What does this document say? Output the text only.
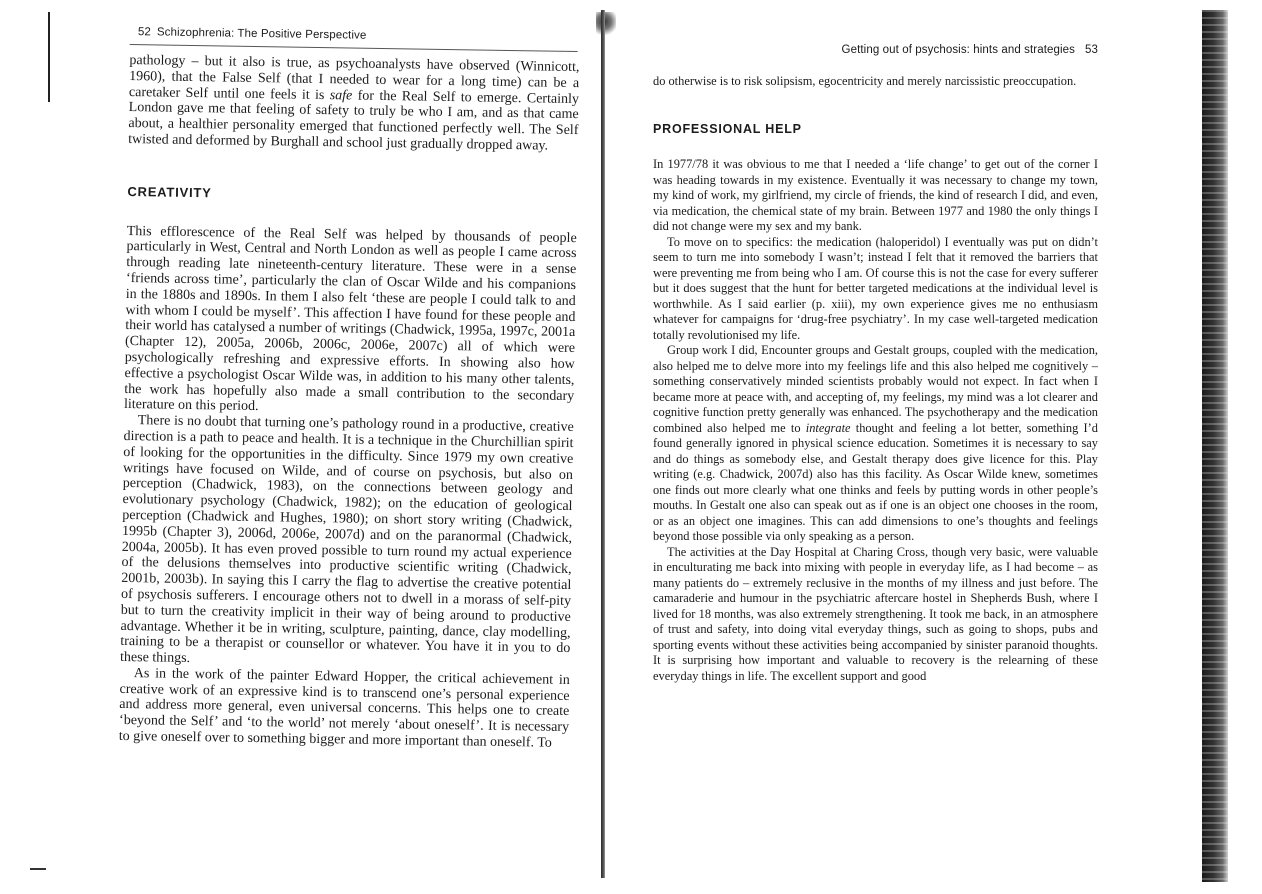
52 Schizophrenia: The Positive Perspective

pathology – but it also is true, as psychoanalysts have observed (Winnicott, 1960), that the False Self (that I needed to wear for a long time) can be a caretaker Self until one feels it is safe for the Real Self to emerge. Certainly London gave me that feeling of safety to truly be who I am, and as that came about, a healthier personality emerged that functioned perfectly well. The Self twisted and deformed by Burghall and school just gradually dropped away.

CREATIVITY

This efflorescence of the Real Self was helped by thousands of people particularly in West, Central and North London as well as people I came across through reading late nineteenth-century literature. These were in a sense ‘friends across time’, particularly the clan of Oscar Wilde and his companions in the 1880s and 1890s. In them I also felt ‘these are people I could talk to and with whom I could be myself’. This affection I have found for these people and their world has catalysed a number of writings (Chadwick, 1995a, 1997c, 2001a (Chapter 12), 2005a, 2006b, 2006c, 2006e, 2007c) all of which were psychologically refreshing and expressive efforts. In showing also how effective a psychologist Oscar Wilde was, in addition to his many other talents, the work has hopefully also made a small contribution to the secondary literature on this period.

There is no doubt that turning one’s pathology round in a productive, creative direction is a path to peace and health. It is a technique in the Churchillian spirit of looking for the opportunities in the difficulty. Since 1979 my own creative writings have focused on Wilde, and of course on psychosis, but also on perception (Chadwick, 1983), on the connections between geology and evolutionary psychology (Chadwick, 1982); on the education of geological perception (Chadwick and Hughes, 1980); on short story writing (Chadwick, 1995b (Chapter 3), 2006d, 2006e, 2007d) and on the paranormal (Chadwick, 2004a, 2005b). It has even proved possible to turn round my actual experience of the delusions themselves into productive scientific writing (Chadwick, 2001b, 2003b). In saying this I carry the flag to advertise the creative potential of psychosis sufferers. I encourage others not to dwell in a morass of self-pity but to turn the creativity implicit in their way of being around to productive advantage. Whether it be in writing, sculpture, painting, dance, clay modelling, training to be a therapist or counsellor or whatever. You have it in you to do these things.

As in the work of the painter Edward Hopper, the critical achievement in creative work of an expressive kind is to transcend one’s personal experience and address more general, even universal concerns. This helps one to create ‘beyond the Self’ and ‘to the world’ not merely ‘about oneself’. It is necessary to give oneself over to something bigger and more important than oneself. To

Getting out of psychosis: hints and strategies 53

do otherwise is to risk solipsism, egocentricity and merely narcissistic preoccupation.

PROFESSIONAL HELP

In 1977/78 it was obvious to me that I needed a ‘life change’ to get out of the corner I was heading towards in my existence. Eventually it was necessary to change my town, my kind of work, my girlfriend, my circle of friends, the kind of research I did, and even, via medication, the chemical state of my brain. Between 1977 and 1980 the only things I did not change were my sex and my bank.

To move on to specifics: the medication (haloperidol) I eventually was put on didn’t seem to turn me into somebody I wasn’t; instead I felt that it removed the barriers that were preventing me from being who I am. Of course this is not the case for every sufferer but it does suggest that the hunt for better targeted medications at the individual level is worthwhile. As I said earlier (p. xiii), my own experience gives me no enthusiasm whatever for campaigns for ‘drug-free psychiatry’. In my case well-targeted medication totally revolutionised my life.

Group work I did, Encounter groups and Gestalt groups, coupled with the medication, also helped me to delve more into my feelings life and this also helped me cognitively – something conservatively minded scientists probably would not expect. In fact when I became more at peace with, and accepting of, my feelings, my mind was a lot clearer and cognitive function pretty generally was enhanced. The psychotherapy and the medication combined also helped me to integrate thought and feeling a lot better, something I’d found generally ignored in physical science education. Sometimes it is necessary to say and do things as somebody else, and Gestalt therapy does give licence for this. Play writing (e.g. Chadwick, 2007d) also has this facility. As Oscar Wilde knew, sometimes one finds out more clearly what one thinks and feels by putting words in other people’s mouths. In Gestalt one also can speak out as if one is an object one chooses in the room, or as an object one imagines. This can add dimensions to one’s thoughts and feelings beyond those possible via only speaking as a person.

The activities at the Day Hospital at Charing Cross, though very basic, were valuable in enculturating me back into mixing with people in everyday life, as I had become – as many patients do – extremely reclusive in the months of my illness and just before. The camaraderie and humour in the psychiatric aftercare hostel in Shepherds Bush, where I lived for 18 months, was also extremely strengthening. It took me back, in an atmosphere of trust and safety, into doing vital everyday things, such as going to shops, pubs and sporting events without these activities being accompanied by sinister paranoid thoughts. It is surprising how important and valuable to recovery is the relearning of these everyday things in life. The excellent support and good
